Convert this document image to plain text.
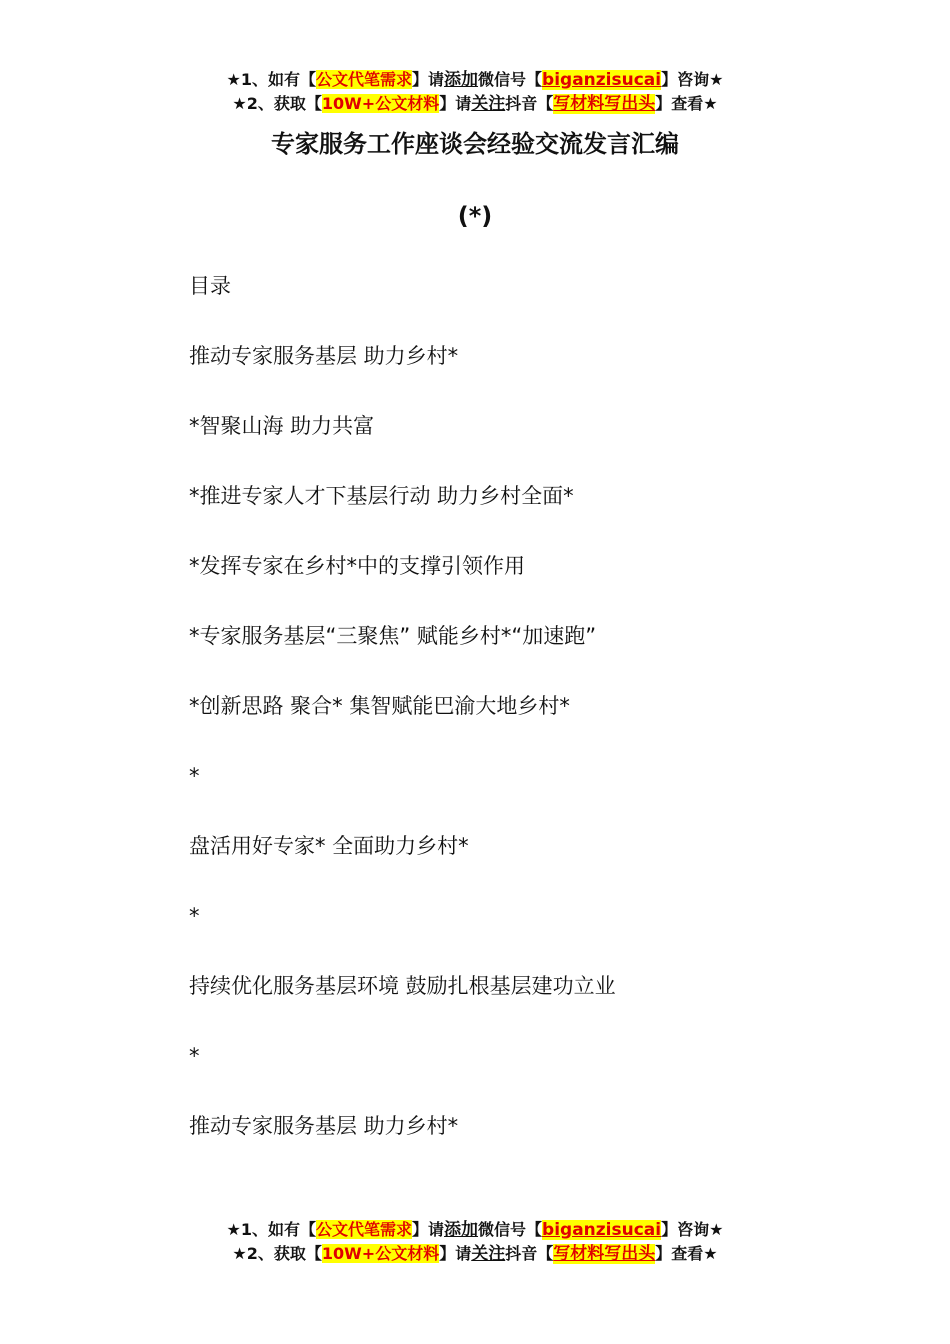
★1、如有【公文代笔需求】请添加微信号【biganzisucai】咨询★
★2、获取【10W+公文材料】请关注抖音【写材料写出头】查看★
专家服务工作座谈会经验交流发言汇编
(*)
目录
推动专家服务基层 助力乡村*
*智聚山海 助力共富
*推进专家人才下基层行动 助力乡村全面*
*发挥专家在乡村*中的支撑引领作用
*专家服务基层“三聚焦” 赋能乡村*“加速跑”
*创新思路 聚合* 集智赋能巴渝大地乡村*
*
盘活用好专家* 全面助力乡村*
*
持续优化服务基层环境 鼓励扎根基层建功立业
*
推动专家服务基层 助力乡村*
★1、如有【公文代笔需求】请添加微信号【biganzisucai】咨询★
★2、获取【10W+公文材料】请关注抖音【写材料写出头】查看★
